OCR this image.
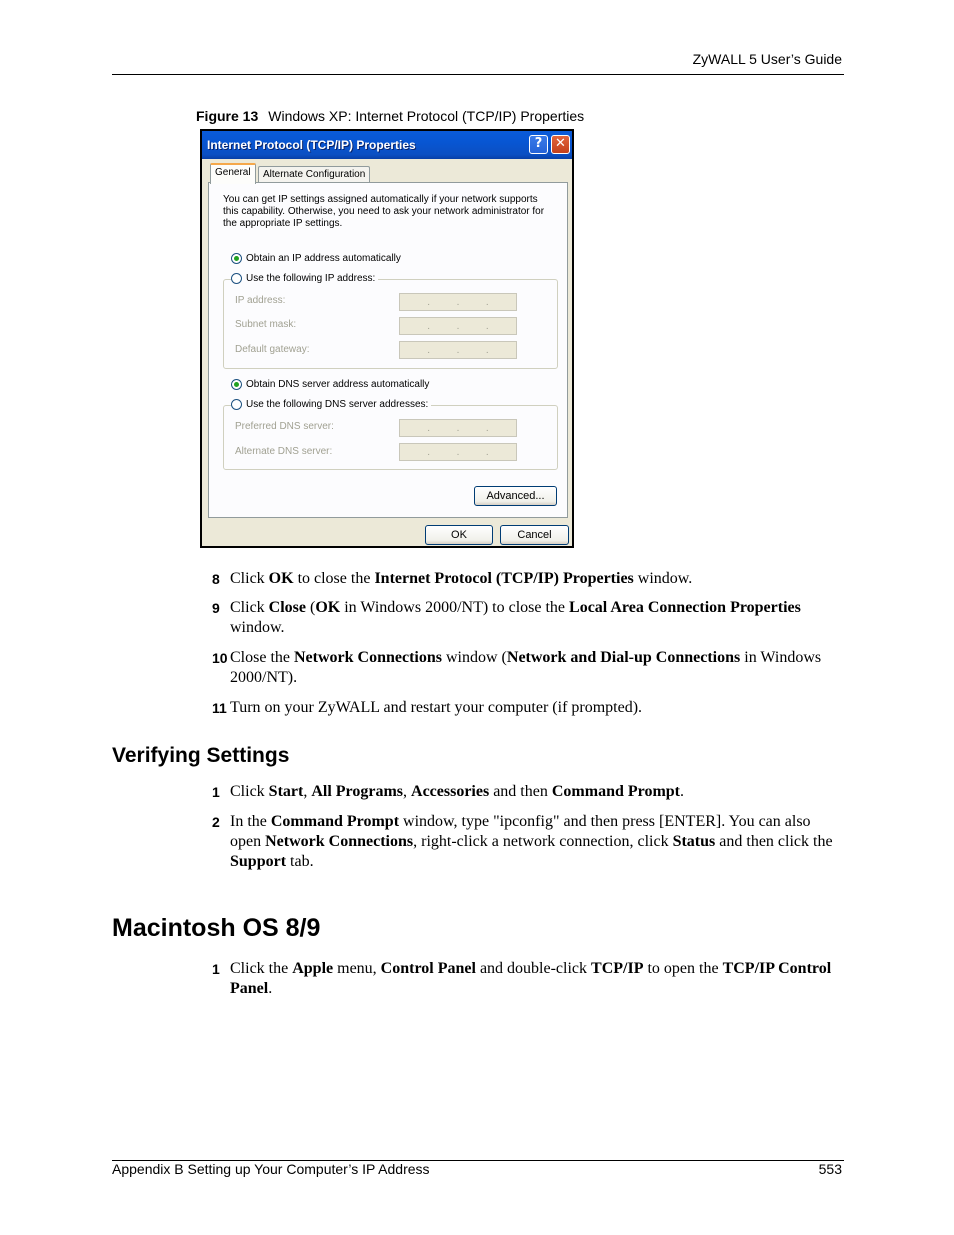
ZyWALL 5 User’s Guide
Figure 13 Windows XP: Internet Protocol (TCP/IP) Properties
Internet Protocol (TCP/IP) Properties	? ✕
General	Alternate Configuration
You can get IP settings assigned automatically if your network supports this capability. Otherwise, you need to ask your network administrator for the appropriate IP settings.
Obtain an IP address automatically
Use the following IP address:
IP address:	.	.	.
Subnet mask:	.	.	.
Default gateway:	.	.	.
Obtain DNS server address automatically
Use the following DNS server addresses:
Preferred DNS server:	.	.	.
Alternate DNS server:	.	.	.
Advanced...
OK	Cancel
8 Click OK to close the Internet Protocol (TCP/IP) Properties window.
9 Click Close (OK in Windows 2000/NT) to close the Local Area Connection Properties window.
10 Close the Network Connections window (Network and Dial-up Connections in Windows 2000/NT).
11 Turn on your ZyWALL and restart your computer (if prompted).
Verifying Settings
1 Click Start, All Programs, Accessories and then Command Prompt.
2 In the Command Prompt window, type "ipconfig" and then press [ENTER]. You can also open Network Connections, right-click a network connection, click Status and then click the Support tab.
Macintosh OS 8/9
1 Click the Apple menu, Control Panel and double-click TCP/IP to open the TCP/IP Control Panel.
Appendix B Setting up Your Computer’s IP Address	553
